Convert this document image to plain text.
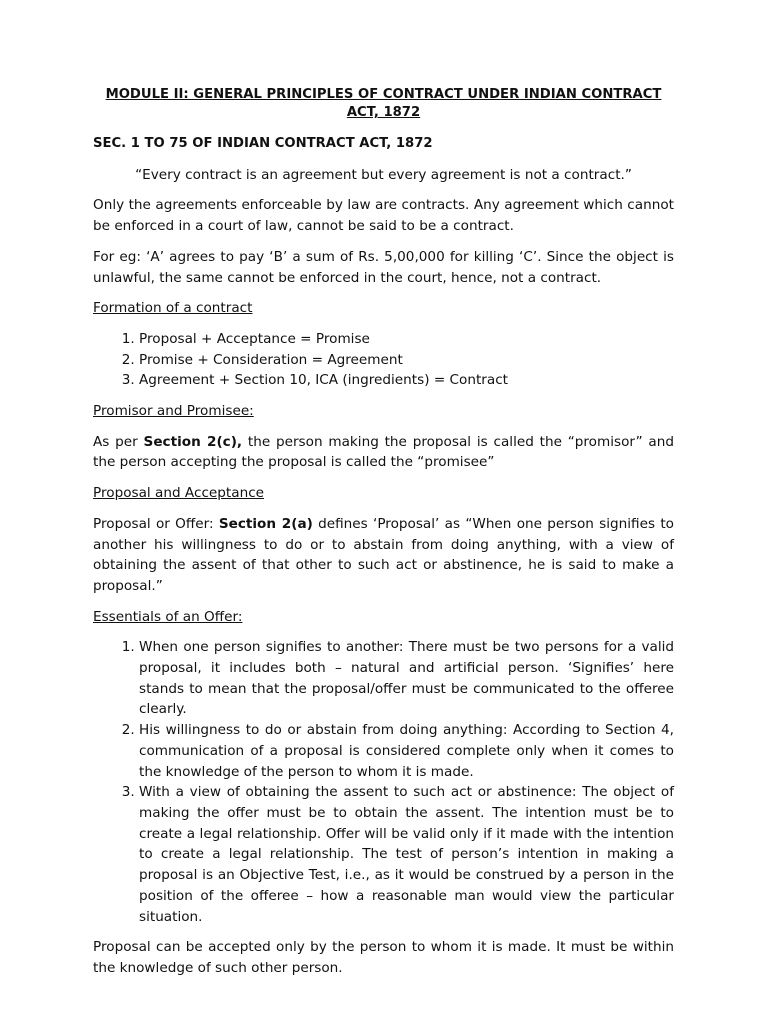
MODULE II: GENERAL PRINCIPLES OF CONTRACT UNDER INDIAN CONTRACT ACT, 1872
SEC. 1 TO 75 OF INDIAN CONTRACT ACT, 1872
“Every contract is an agreement but every agreement is not a contract.”

Only the agreements enforceable by law are contracts. Any agreement which cannot be enforced in a court of law, cannot be said to be a contract.

For eg: ‘A’ agrees to pay ‘B’ a sum of Rs. 5,00,000 for killing ‘C’. Since the object is unlawful, the same cannot be enforced in the court, hence, not a contract.

Formation of a contract
1. Proposal + Acceptance = Promise
2. Promise + Consideration = Agreement
3. Agreement + Section 10, ICA (ingredients) = Contract
Promisor and Promisee:

As per Section 2(c), the person making the proposal is called the “promisor” and the person accepting the proposal is called the “promisee”

Proposal and Acceptance

Proposal or Offer: Section 2(a) defines ‘Proposal’ as “When one person signifies to another his willingness to do or to abstain from doing anything, with a view of obtaining the assent of that other to such act or abstinence, he is said to make a proposal.”

Essentials of an Offer:
1. When one person signifies to another: There must be two persons for a valid proposal, it includes both – natural and artificial person. ‘Signifies’ here stands to mean that the proposal/offer must be communicated to the offeree clearly.
2. His willingness to do or abstain from doing anything: According to Section 4, communication of a proposal is considered complete only when it comes to the knowledge of the person to whom it is made.
3. With a view of obtaining the assent to such act or abstinence: The object of making the offer must be to obtain the assent. The intention must be to create a legal relationship. Offer will be valid only if it made with the intention to create a legal relationship. The test of person’s intention in making a proposal is an Objective Test, i.e., as it would be construed by a person in the position of the offeree – how a reasonable man would view the particular situation.

Proposal can be accepted only by the person to whom it is made. It must be within the knowledge of such other person.
